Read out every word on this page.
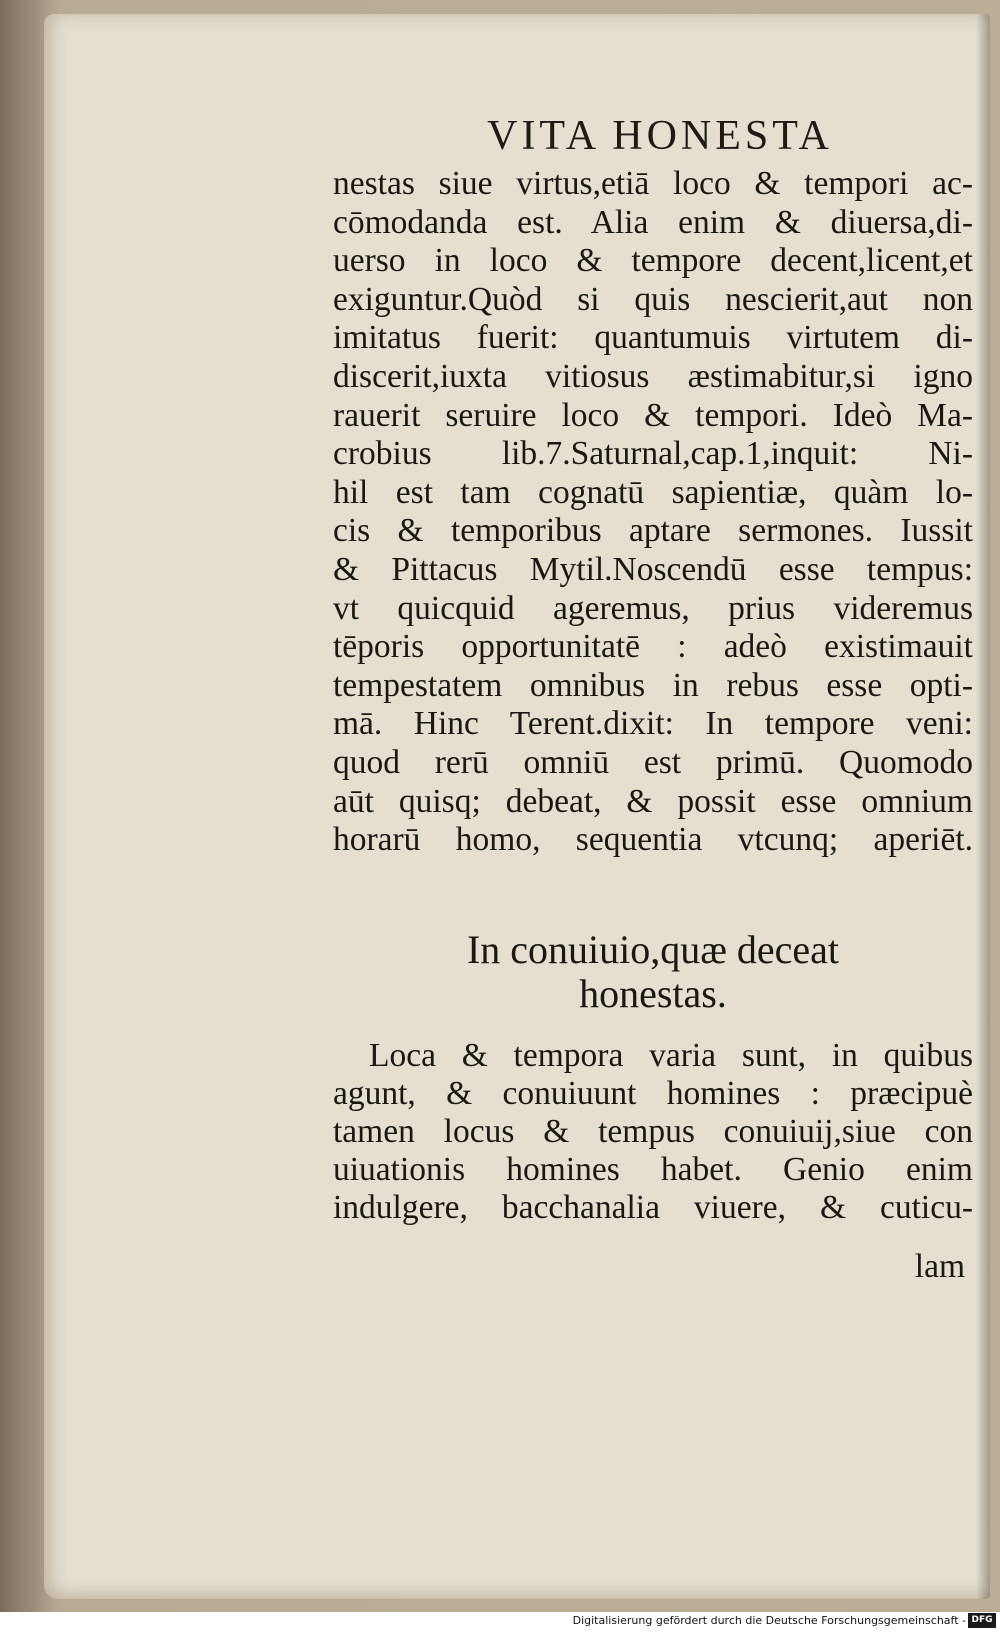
VITA HONESTA
nestas siue virtus,etiā loco & tempori ac-
cōmodanda est. Alia enim & diuersa,di-
uerso in loco & tempore decent,licent,et
exiguntur.Quòd si quis nescierit,aut non
imitatus fuerit: quantumuis virtutem di-
discerit,iuxta vitiosus æstimabitur,si igno
rauerit seruire loco & tempori. Ideò Ma-
crobius lib.7.Saturnal,cap.1,inquit: Ni-
hil est tam cognatū sapientiæ, quàm lo-
cis & temporibus aptare sermones. Iussit
& Pittacus Mytil.Noscendū esse tempus:
vt quicquid ageremus, prius videremus
tēporis opportunitatē : adeò existimauit
tempestatem omnibus in rebus esse opti-
mā. Hinc Terent.dixit: In tempore veni:
quod rerū omniū est primū. Quomodo
aūt quisq; debeat, & possit esse omnium
horarū homo, sequentia vtcunq; aperiēt.
In conuiuio,quæ deceat
honestas.
Loca & tempora varia sunt, in quibus
agunt, & conuiuunt homines : præcipuè
tamen locus & tempus conuiuij,siue con
uiuationis homines habet. Genio enim
indulgere, bacchanalia viuere, & cuticu-
lam
Digitalisierung gefördert durch die Deutsche Forschungsgemeinschaft - DFG
